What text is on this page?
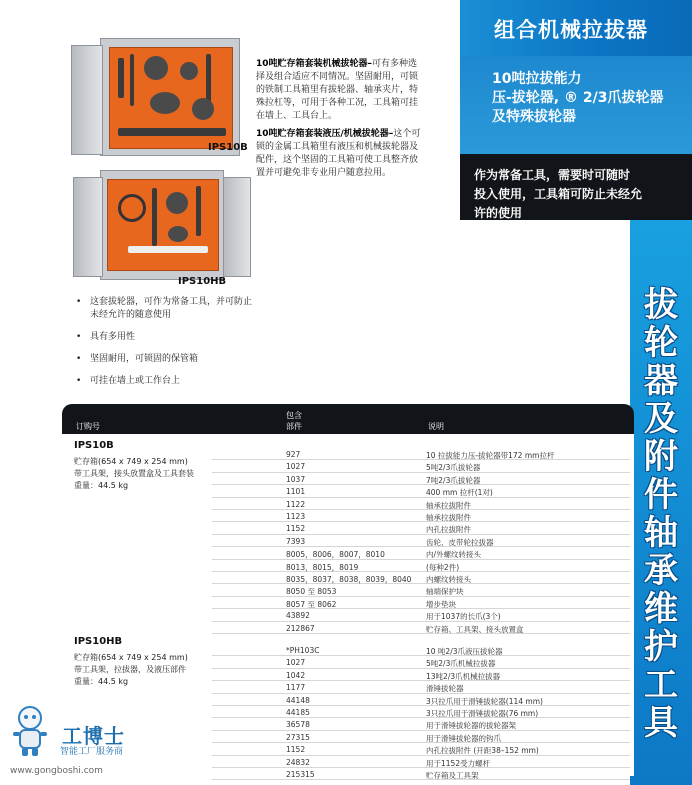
组合机械拉拔器
10吨拉拔能力
压-拔轮器, ® 2/3爪拔轮器
及特殊拔轮器
作为常备工具，需要时可随时
投入使用，工具箱可防止未经允
许的使用
拔
轮
器
及
附
件
轴
承
维
护
工
具
IPS10B
IPS10HB
10吨贮存箱套装机械拔轮器–可有多种选择及组合适应不同情况。坚固耐用，可锁的铁制工具箱里有拔轮器、轴承夹片，特殊拉杠等，可用于各种工况，工具箱可挂在墙上、工具台上。
10吨贮存箱套装液压/机械拔轮器–这个可锁的金属工具箱里有液压和机械拔轮器及配件，这个坚固的工具箱可使工具整齐放置并可避免非专业用户随意拉用。
• 这套拔轮器，可作为常备工具，并可防止未经允许的随意使用
• 具有多用性
• 坚固耐用，可锁固的保管箱
• 可挂在墙上或工作台上
订购号
包含
部件	说明
IPS10B
贮存箱(654 x 749 x 254 mm)
带工具架，接头放置盒及工具套装
重量：44.5 kg
927	10 拉拔能力压-拔轮器带172 mm拉杆
1027	5吨2/3爪拔轮器
1037	7吨2/3爪拔轮器
1101	400 mm 拉杆(1对)
1122	轴承拉拔附件
1123	轴承拉拔附件
1152	内孔拉拔附件
7393	齿轮、皮带轮拉拔器
8005，8006，8007，8010	内/外螺纹转接头
8013，8015，8019	(每种2件)
8035，8037，8038，8039，8040	内螺纹转接头
8050 至 8053	轴端保护块
8057 至 8062	增步垫块
43892	用于1037的长爪(3个)
212867	贮存箱、工具架、接头放置盒
IPS10HB
贮存箱(654 x 749 x 254 mm)
带工具架，拉拔器，及液压部件
重量：44.5 kg
*PH103C	10 吨2/3爪液压拔轮器
1027	5吨2/3爪机械拉拔器
1042	13吨2/3爪机械拉拔器
1177	滑锤拔轮器
44148	3只拉爪用于滑锤拔轮器(114 mm)
44185	3只拉爪用于滑锤拔轮器(76 mm)
36578	用于滑锤拔轮器的拔轮器架
27315	用于滑锤拔轮器的钩爪
1152	内孔拉拔附件 (开距38–152 mm)
24832	用于1152受力螺杆
215315	贮存箱及工具架
工博士
智能工厂服务商
www.gongboshi.com
